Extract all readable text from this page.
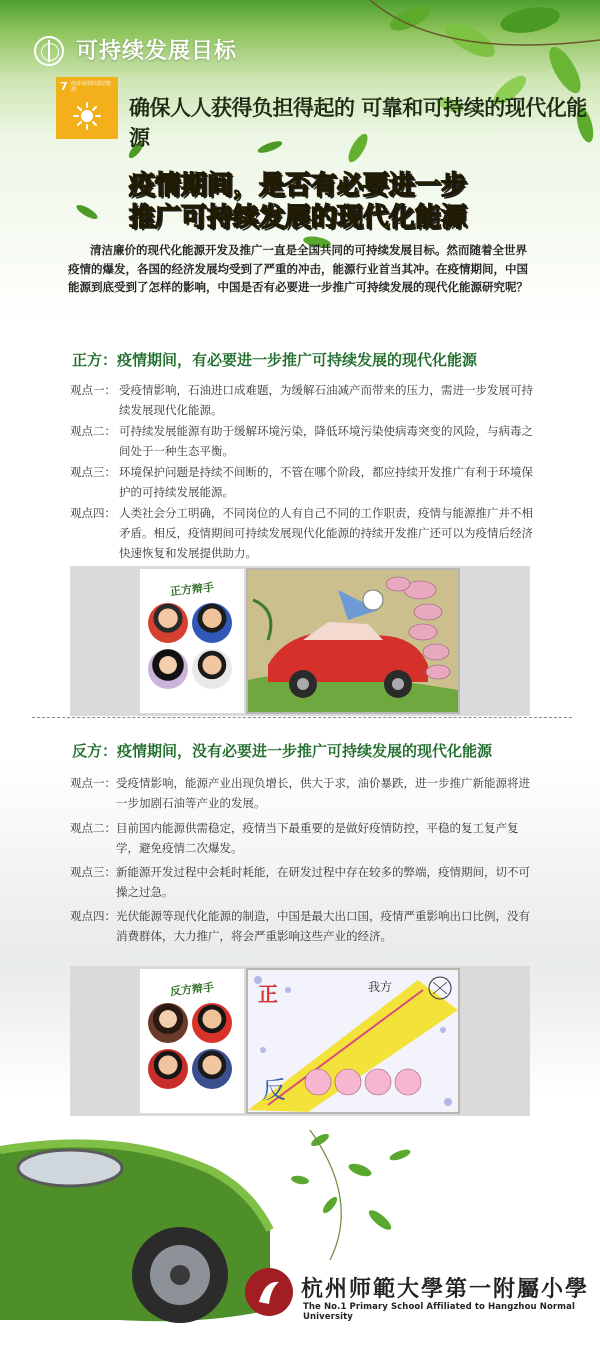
可持续发展目标
7 经济适用的清洁能源
确保人人获得负担得起的 可靠和可持续的现代化能源
疫情期间，是否有必要进一步
推广可持续发展的现代化能源
清洁廉价的现代化能源开发及推广一直是全国共同的可持续发展目标。然而随着全世界疫情的爆发，各国的经济发展均受到了严重的冲击，能源行业首当其冲。在疫情期间，中国能源到底受到了怎样的影响，中国是否有必要进一步推广可持续发展的现代化能源研究呢？
正方：疫情期间，有必要进一步推广可持续发展的现代化能源
观点一： 受疫情影响，石油进口成难题，为缓解石油减产而带来的压力，需进一步发展可持续发展现代化能源。
观点二： 可持续发展能源有助于缓解环境污染，降低环境污染使病毒突变的风险，与病毒之间处于一种生态平衡。
观点三： 环境保护问题是持续不间断的，不管在哪个阶段，都应持续开发推广有利于环境保护的可持续发展能源。
观点四： 人类社会分工明确，不同岗位的人有自己不同的工作职责，疫情与能源推广并不相矛盾。相反，疫情期间可持续发展现代化能源的持续开发推广还可以为疫情后经济快速恢复和发展提供助力。
正方辩手
反方：疫情期间，没有必要进一步推广可持续发展的现代化能源
观点一： 受疫情影响，能源产业出现负增长，供大于求，油价暴跌，进一步推广新能源将进一步加剧石油等产业的发展。
观点二： 目前国内能源供需稳定，疫情当下最重要的是做好疫情防控，平稳的复工复产复学，避免疫情二次爆发。
观点三： 新能源开发过程中会耗时耗能，在研发过程中存在较多的弊端，疫情期间，切不可操之过急。
观点四： 光伏能源等现代化能源的制造，中国是最大出口国，疫情严重影响出口比例，没有消费群体，大力推广，将会严重影响这些产业的经济。
反方辩手 正	我方
反
杭州师範大學第一附屬小學
The No.1 Primary School Affiliated to Hangzhou Normal University
